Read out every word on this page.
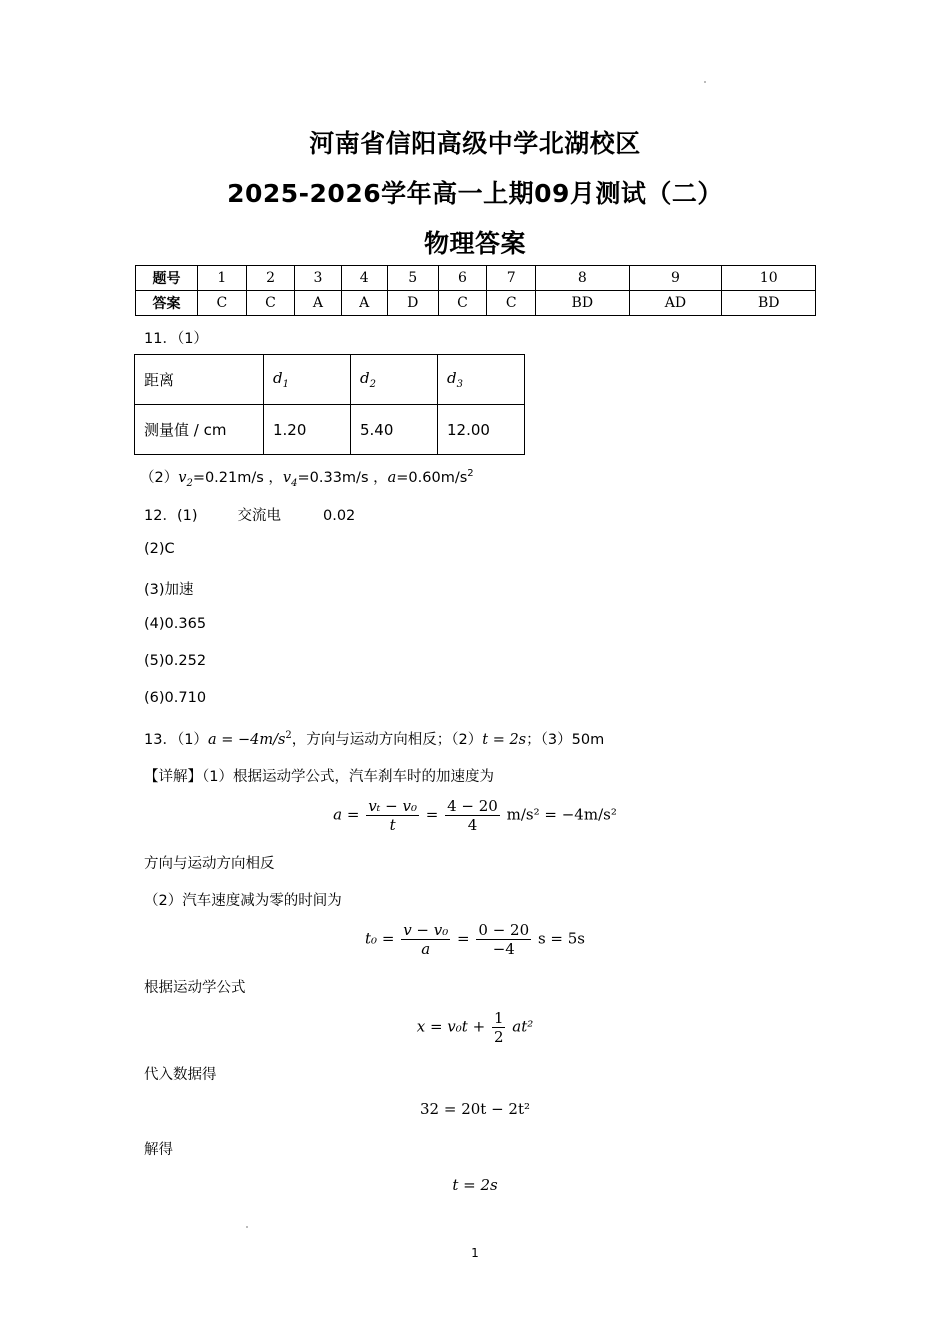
河南省信阳高级中学北湖校区
2025-2026学年高一上期09月测试（二）
物理答案
题号	1	2	3	4	5	6	7	8	9	10
答案	C	C	A	A	D	C	C	BD	AD	BD
11．（1）
距离	$d_1$	$d_2$	$d_3$
测量值 / cm	1.20	5.40	12.00
$(2)v_2=0.21m/s$ ，$v_4=0.33m/s$ ，$a=0.60m/s^2$
12．(1)	交流电	0.02
(2)C
(3)加速
(4)0.365
(5)0.252
(6)0.710
13．$(1)a = -4m/s^2$，方向与运动方向相反；（2）t = 2s；（3）50m
【详解】（1）根据运动学公式，汽车刹车时的加速度为
$a = \frac{\text{vₜ − v₀}}{t} = \frac{4 - 20}{4} m/s^2 = -4m/s^2$
方向与运动方向相反
（2）汽车速度减为零的时间为
$t_0 = \frac{\text{v − v₀}}{a} = \frac{0 - 20}{-4}$ s = 5s
根据运动学公式
$x = v_0t + \frac{1}{2} at^2$
代入数据得
32 = 20t − 2t²
解得
t = 2s
1
